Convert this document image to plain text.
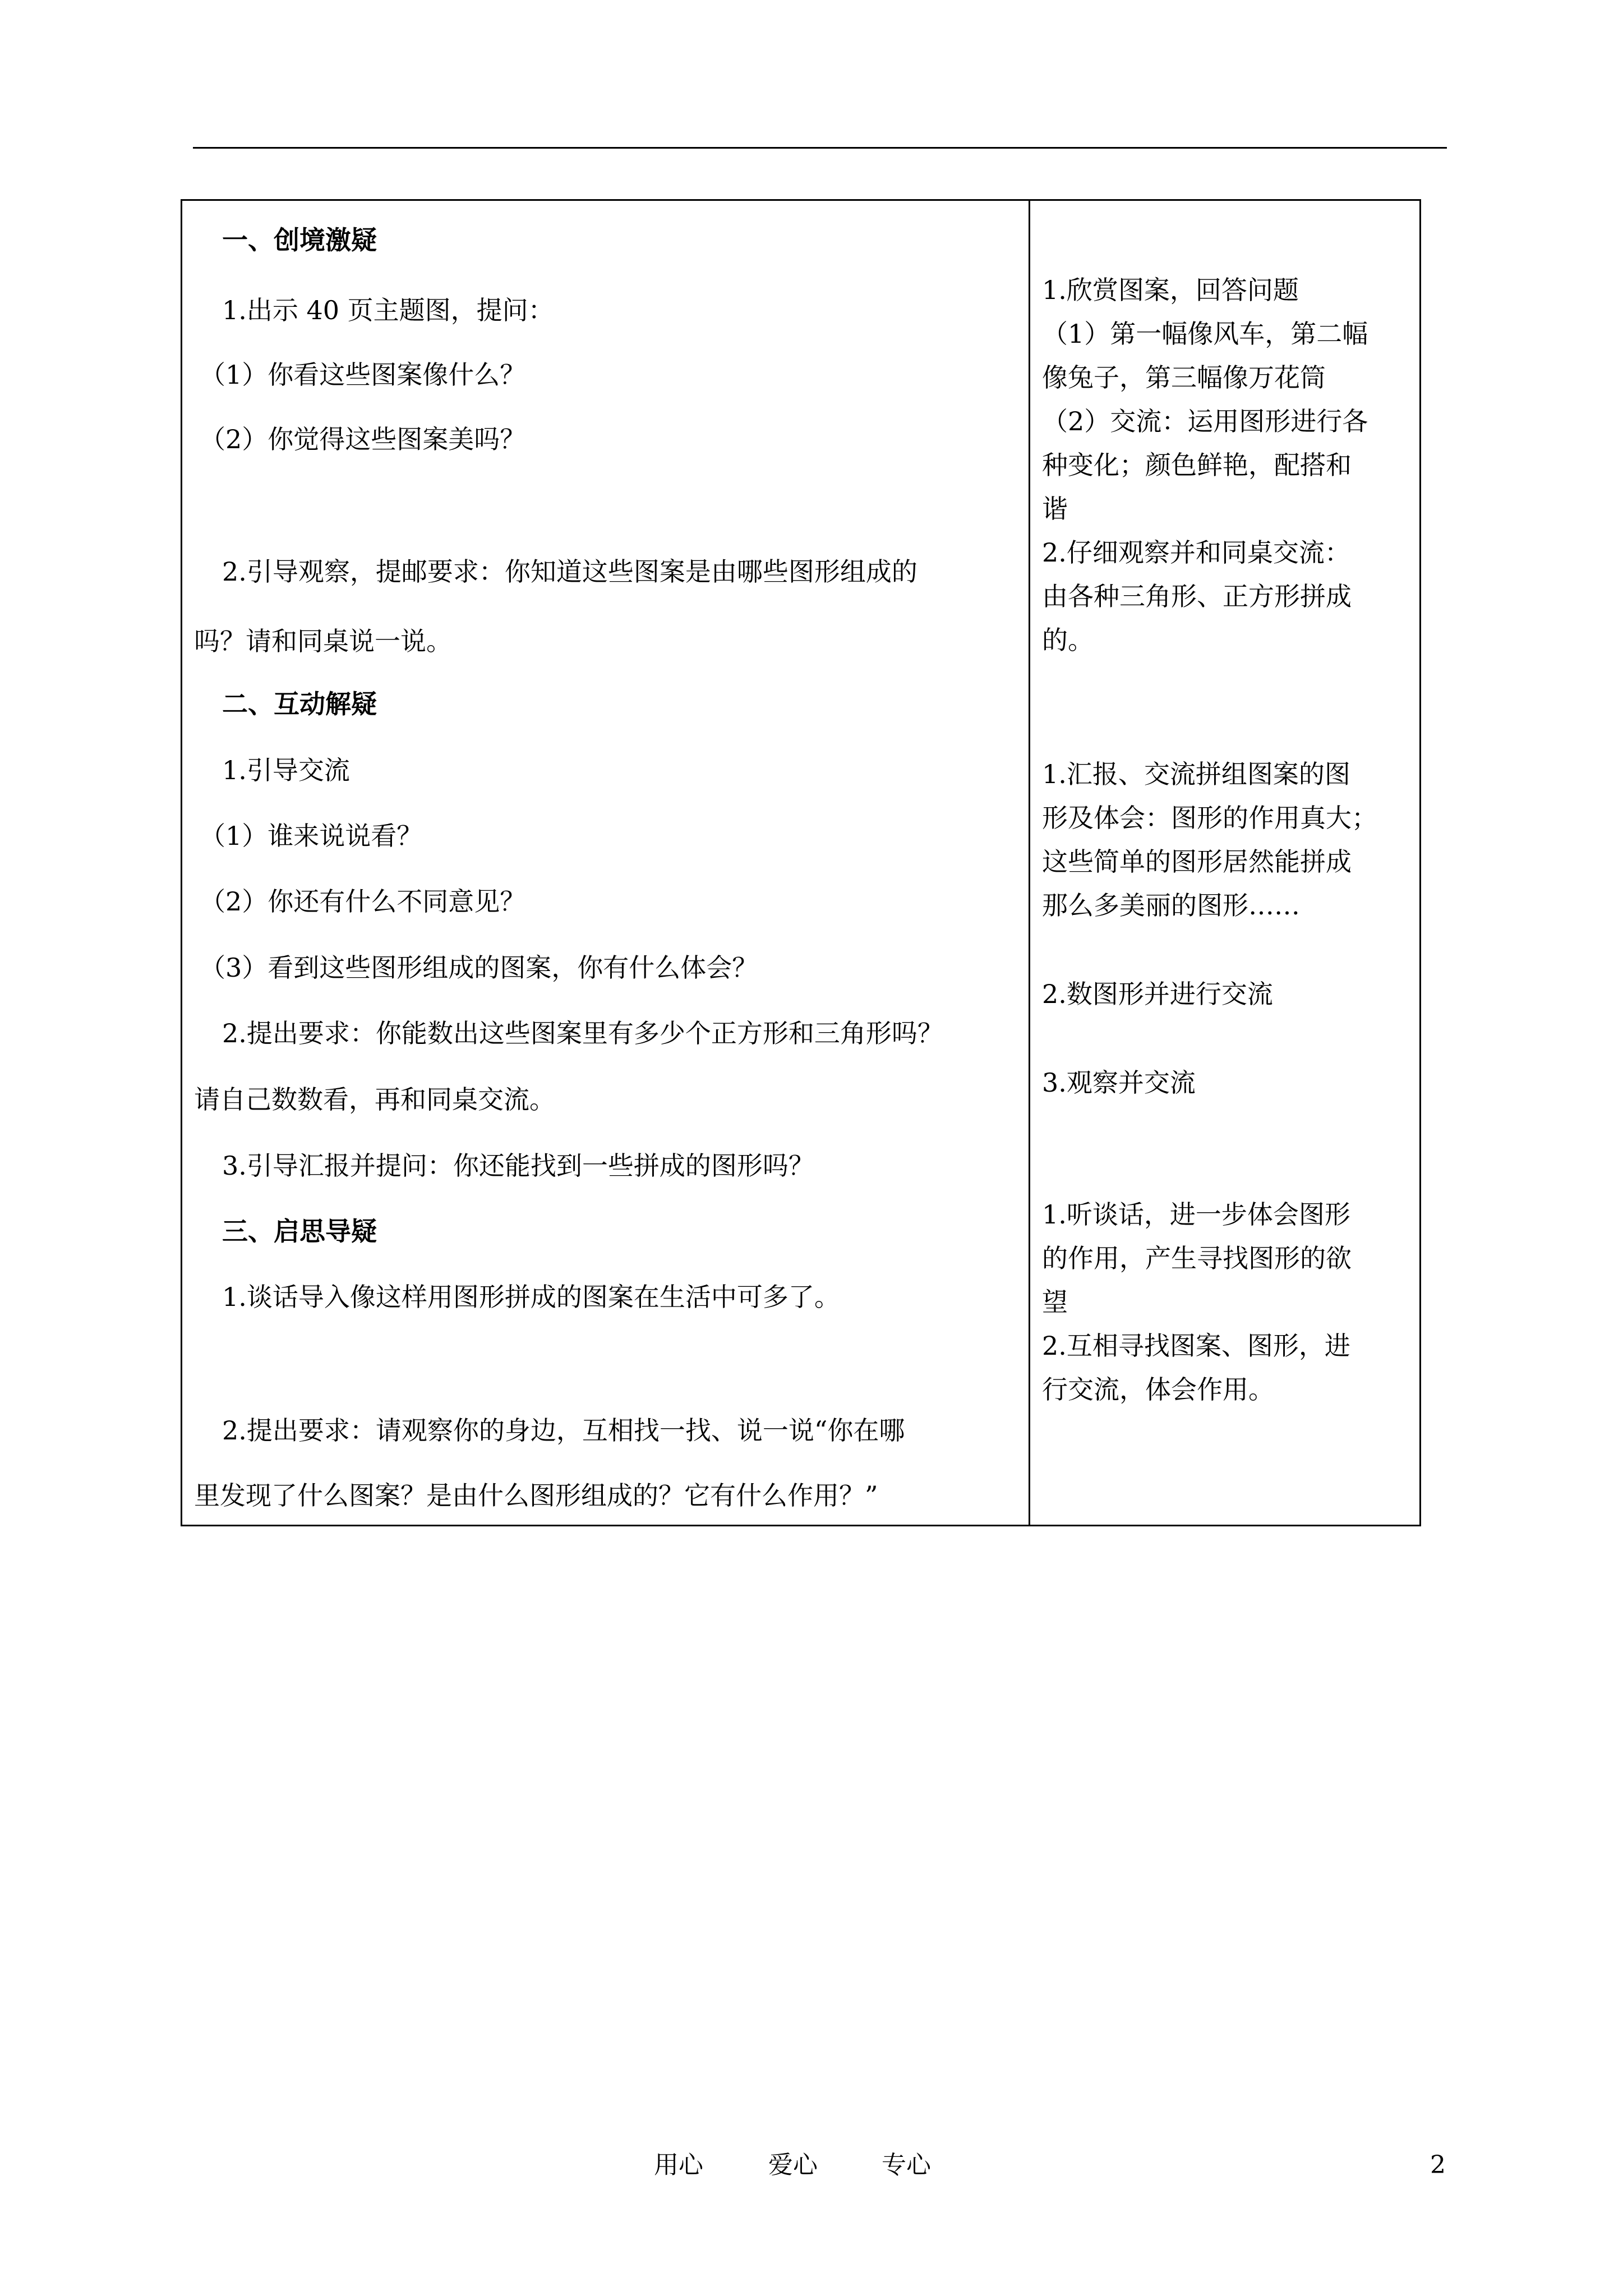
一、创境激疑
1.出示 40 页主题图，提问：
（1）你看这些图案像什么？
（2）你觉得这些图案美吗？
2.引导观察，提邮要求：你知道这些图案是由哪些图形组成的
吗？请和同桌说一说。
二、互动解疑
1.引导交流
（1）谁来说说看？
（2）你还有什么不同意见？
（3）看到这些图形组成的图案，你有什么体会？
2.提出要求：你能数出这些图案里有多少个正方形和三角形吗？
请自己数数看，再和同桌交流。
3.引导汇报并提问：你还能找到一些拼成的图形吗？
三、启思导疑
1.谈话导入像这样用图形拼成的图案在生活中可多了。
2.提出要求：请观察你的身边，互相找一找、说一说“你在哪
里发现了什么图案？是由什么图形组成的？它有什么作用？”
1.欣赏图案，回答问题
（1）第一幅像风车，第二幅
像兔子，第三幅像万花筒
（2）交流：运用图形进行各
种变化；颜色鲜艳，配搭和
谐
2.仔细观察并和同桌交流：
由各种三角形、正方形拼成
的。
1.汇报、交流拼组图案的图
形及体会：图形的作用真大；
这些简单的图形居然能拼成
那么多美丽的图形……
2.数图形并进行交流
3.观察并交流
1.听谈话，进一步体会图形
的作用，产生寻找图形的欲
望
2.互相寻找图案、图形，进
行交流，体会作用。
用心	爱心	专心	2
